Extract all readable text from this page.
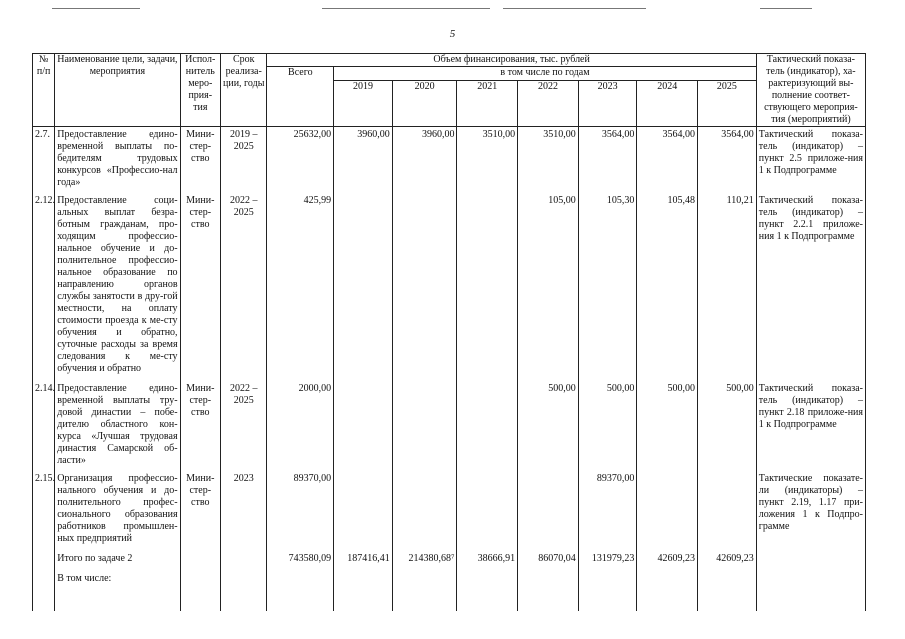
5
№ п/п	Наименование цели, задачи, мероприятия	Испол-нитель меро-прия-тия	Срок реализа-ции, годы	Объем финансирования, тыс. рублей								Тактический показа-тель (индикатор), ха-рактеризующий вы-полнение соответ-ствующего мероприя-тия (мероприятий)
				Всего	в том числе по годам							
					2019	2020	2021	2022	2023	2024	2025	
2.7.	Предоставление едино-временной выплаты по-бедителям трудовых конкурсов «Профессио-нал года»	Мини-стер-ство	2019 – 2025	25632,00	3960,00	3960,00	3510,00	3510,00	3564,00	3564,00	3564,00	Тактический показа-тель (индикатор) – пункт 2.5 приложе-ния 1 к Подпрограмме
2.12.	Предоставление соци-альных выплат безра-ботным гражданам, про-ходящим профессио-нальное обучение и до-полнительное профессио-нальное образование по направлению органов службы занятости в дру-гой местности, на оплату стоимости проезда к ме-сту обучения и обратно, суточные расходы за время следования к ме-сту обучения и обратно	Мини-стер-ство	2022 – 2025	425,99				105,00	105,30	105,48	110,21	Тактический показа-тель (индикатор) – пункт 2.2.1 приложе-ния 1 к Подпрограмме
2.14.	Предоставление едино-временной выплаты тру-довой династии – побе-дителю областного кон-курса «Лучшая трудовая династия Самарской об-ласти»	Мини-стер-ство	2022 – 2025	2000,00				500,00	500,00	500,00	500,00	Тактический показа-тель (индикатор) – пункт 2.18 приложе-ния 1 к Подпрограмме
2.15.	Организация профессио-нального обучения и до-полнительного профес-сионального образования работников промышлен-ных предприятий	Мини-стер-ство	2023	89370,00					89370,00			Тактические показате-ли (индикаторы) – пункт 2.19, 1.17 при-ложения 1 к Подпро-грамме
	Итого по задаче 2			743580,09	187416,41	214380,68⁷	38666,91	86070,04	131979,23	42609,23	42609,23	
	В том числе:											
